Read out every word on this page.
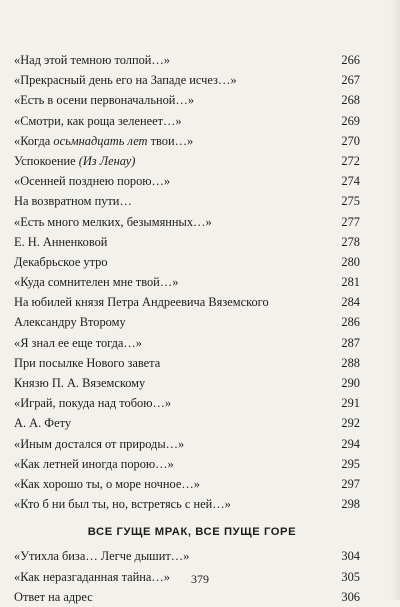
«Над этой темною толпой…»	266
«Прекрасный день его на Западе исчез…»	267
«Есть в осени первоначальной…»	268
«Смотри, как роща зеленеет…»	269
«Когда осьмнадцать лет твои…»	270
Успокоение (Из Ленау)	272
«Осенней позднею порою…»	274
На возвратном пути…	275
«Есть много мелких, безымянных…»	277
Е. Н. Анненковой	278
Декабрьское утро	280
«Куда сомнителен мне твой…»	281
На юбилей князя Петра Андреевича Вяземского	284
Александру Второму	286
«Я знал ее еще тогда…»	287
При посылке Нового завета	288
Князю П. А. Вяземскому	290
«Играй, покуда над тобою…»	291
А. А. Фету	292
«Иным достался от природы…»	294
«Как летней иногда порою…»	295
«Как хорошо ты, о море ночное…»	297
«Кто б ни был ты, но, встретясь с ней…»	298
ВСЕ ГУЩЕ МРАК, ВСЕ ПУЩЕ ГОРЕ
«Утихла биза… Легче дышит…»	304
«Как неразгаданная тайна…»	305
Ответ на адрес	306
379
